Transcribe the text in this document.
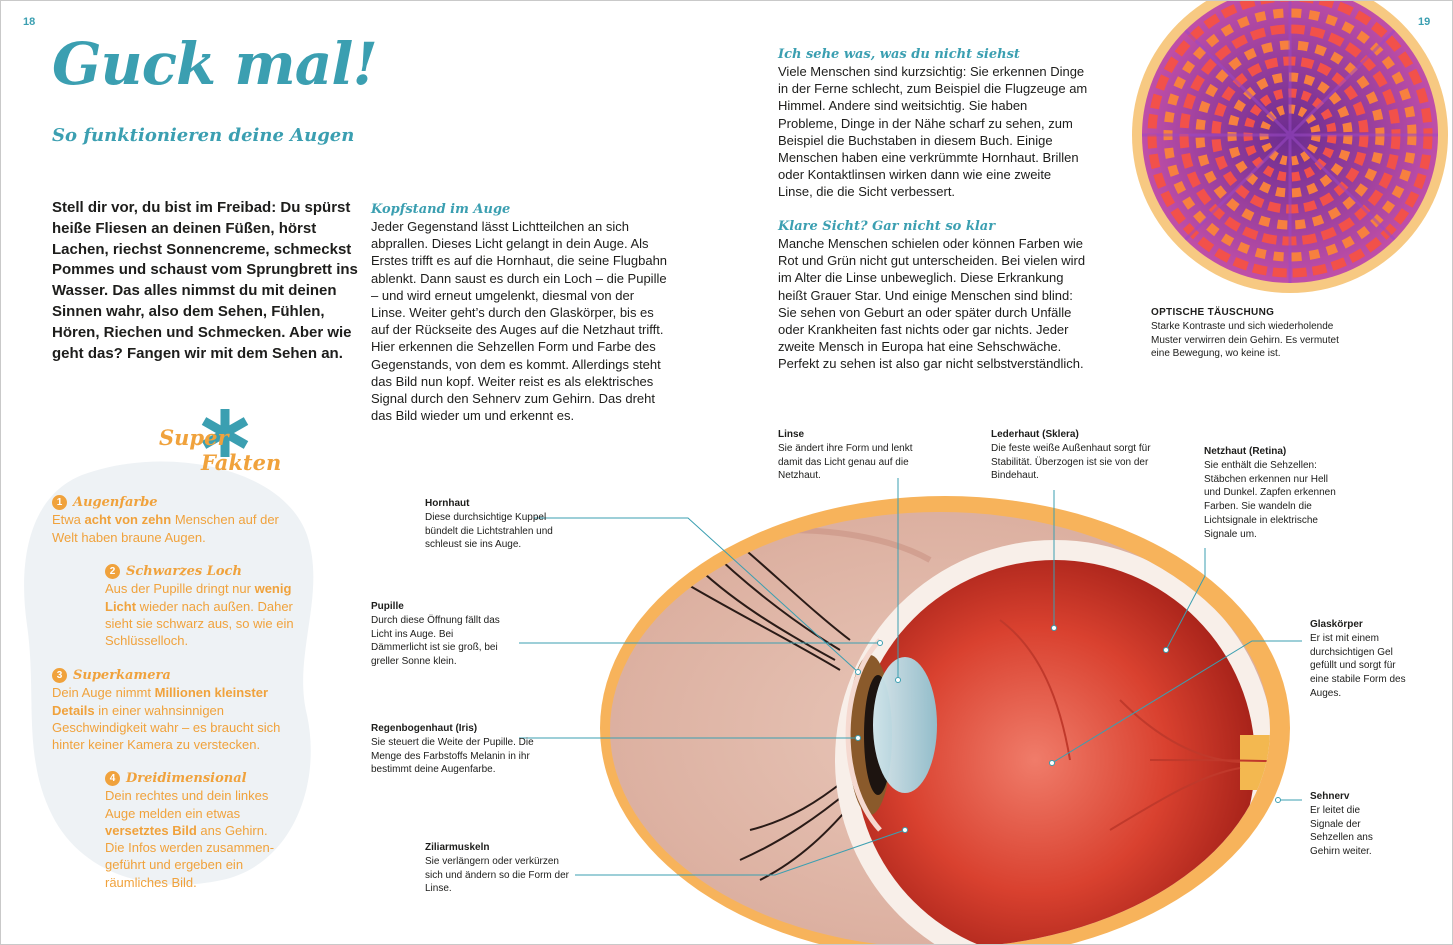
18	19
Guck mal!
So funktionieren deine Augen
Stell dir vor, du bist im Freibad: Du spürst heiße Fliesen an deinen Füßen, hörst Lachen, riechst Sonnencreme, schmeckst Pommes und schaust vom Sprungbrett ins Wasser. Das alles nimmst du mit deinen Sinnen wahr, also dem Sehen, Fühlen, Hören, Riechen und Schmecken. Aber wie geht das? Fangen wir mit dem Sehen an.
Super
Fakten
1 Augenfarbe
Etwa acht von zehn Menschen auf der Welt haben braune Augen.
2 Schwarzes Loch
Aus der Pupille dringt nur wenig Licht wieder nach außen. Daher sieht sie schwarz aus, so wie ein Schlüsselloch.
3 Superkamera
Dein Auge nimmt Millionen kleinster Details in einer wahnsinnigen Geschwindigkeit wahr – es braucht sich hinter keiner Kamera zu verstecken.
4 Dreidimensional
Dein rechtes und dein linkes Auge melden ein etwas versetztes Bild ans Gehirn. Die Infos werden zusammen-geführt und ergeben ein räumliches Bild.
Kopfstand im Auge

Jeder Gegenstand lässt Lichtteilchen an sich abprallen. Dieses Licht gelangt in dein Auge. Als Erstes trifft es auf die Hornhaut, die seine Flugbahn ablenkt. Dann saust es durch ein Loch – die Pupille – und wird erneut umgelenkt, diesmal von der Linse. Weiter geht’s durch den Glaskörper, bis es auf der Rückseite des Auges auf die Netzhaut trifft. Hier erkennen die Sehzellen Form und Farbe des Gegenstands, von dem es kommt. Allerdings steht das Bild nun kopf. Weiter reist es als elektrisches Signal durch den Sehnerv zum Gehirn. Das dreht das Bild wieder um und erkennt es.

Ich sehe was, was du nicht siehst

Viele Menschen sind kurzsichtig: Sie erkennen Dinge in der Ferne schlecht, zum Beispiel die Flugzeuge am Himmel. Andere sind weitsichtig. Sie haben Probleme, Dinge in der Nähe scharf zu sehen, zum Beispiel die Buchstaben in diesem Buch. Einige Menschen haben eine verkrümmte Hornhaut. Brillen oder Kontaktlinsen wirken dann wie eine zweite Linse, die die Sicht verbessert.

Klare Sicht? Gar nicht so klar

Manche Menschen schielen oder können Farben wie Rot und Grün nicht gut unterscheiden. Bei vielen wird im Alter die Linse unbeweglich. Diese Erkrankung heißt Grauer Star. Und einige Menschen sind blind: Sie sehen von Geburt an oder später durch Unfälle oder Krankheiten fast nichts oder gar nichts. Jeder zweite Mensch in Europa hat eine Sehschwäche. Perfekt zu sehen ist also gar nicht selbstverständlich.

OPTISCHE TÄUSCHUNG
Starke Kontraste und sich wiederholende Muster verwirren dein Gehirn. Es vermutet eine Bewegung, wo keine ist.
Linse
Sie ändert ihre Form und lenkt damit das Licht genau auf die Netzhaut.
Lederhaut (Sklera)
Die feste weiße Außenhaut sorgt für Stabilität. Überzogen ist sie von der Bindehaut.
Netzhaut (Retina)
Sie enthält die Sehzellen: Stäbchen erkennen nur Hell und Dunkel. Zapfen erkennen Farben. Sie wandeln die Lichtsignale in elektrische Signale um.
Hornhaut
Diese durchsichtige Kuppel bündelt die Lichtstrahlen und schleust sie ins Auge.
Pupille
Durch diese Öffnung fällt das Licht ins Auge. Bei Dämmerlicht ist sie groß, bei greller Sonne klein.
Regenbogenhaut (Iris)
Sie steuert die Weite der Pupille. Die Menge des Farbstoffs Melanin in ihr bestimmt deine Augenfarbe.
Ziliarmuskeln
Sie verlängern oder verkürzen sich und ändern so die Form der Linse.
Glaskörper
Er ist mit einem durchsichtigen Gel gefüllt und sorgt für eine stabile Form des Auges.
Sehnerv
Er leitet die Signale der Sehzellen ans Gehirn weiter.
